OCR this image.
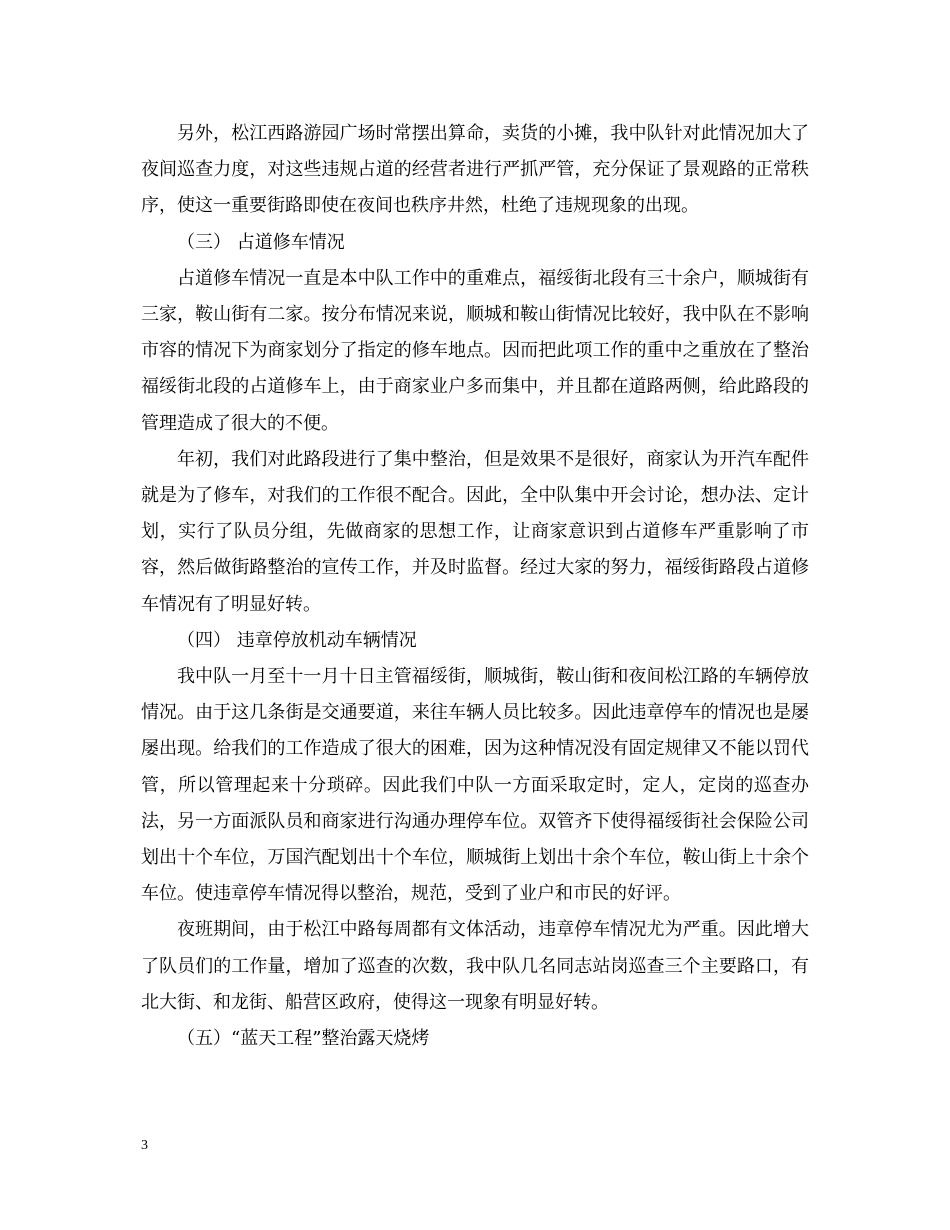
另外，松江西路游园广场时常摆出算命，卖货的小摊，我中队针对此情况加大了夜间巡查力度，对这些违规占道的经营者进行严抓严管，充分保证了景观路的正常秩序，使这一重要街路即使在夜间也秩序井然，杜绝了违规现象的出现。

（三） 占道修车情况

占道修车情况一直是本中队工作中的重难点，福绥街北段有三十余户，顺城街有三家，鞍山街有二家。按分布情况来说，顺城和鞍山街情况比较好，我中队在不影响市容的情况下为商家划分了指定的修车地点。因而把此项工作的重中之重放在了整治福绥街北段的占道修车上，由于商家业户多而集中，并且都在道路两侧，给此路段的管理造成了很大的不便。

年初，我们对此路段进行了集中整治，但是效果不是很好，商家认为开汽车配件就是为了修车，对我们的工作很不配合。因此，全中队集中开会讨论，想办法、定计划，实行了队员分组，先做商家的思想工作，让商家意识到占道修车严重影响了市容，然后做街路整治的宣传工作，并及时监督。经过大家的努力，福绥街路段占道修车情况有了明显好转。

（四） 违章停放机动车辆情况

我中队一月至十一月十日主管福绥街，顺城街，鞍山街和夜间松江路的车辆停放情况。由于这几条街是交通要道，来往车辆人员比较多。因此违章停车的情况也是屡屡出现。给我们的工作造成了很大的困难，因为这种情况没有固定规律又不能以罚代管，所以管理起来十分琐碎。因此我们中队一方面采取定时，定人，定岗的巡查办法，另一方面派队员和商家进行沟通办理停车位。双管齐下使得福绥街社会保险公司划出十个车位，万国汽配划出十个车位，顺城街上划出十余个车位，鞍山街上十余个车位。使违章停车情况得以整治，规范，受到了业户和市民的好评。

夜班期间，由于松江中路每周都有文体活动，违章停车情况尤为严重。因此增大了队员们的工作量，增加了巡查的次数，我中队几名同志站岗巡查三个主要路口，有北大街、和龙街、船营区政府，使得这一现象有明显好转。

（五）“蓝天工程”整治露天烧烤

3
